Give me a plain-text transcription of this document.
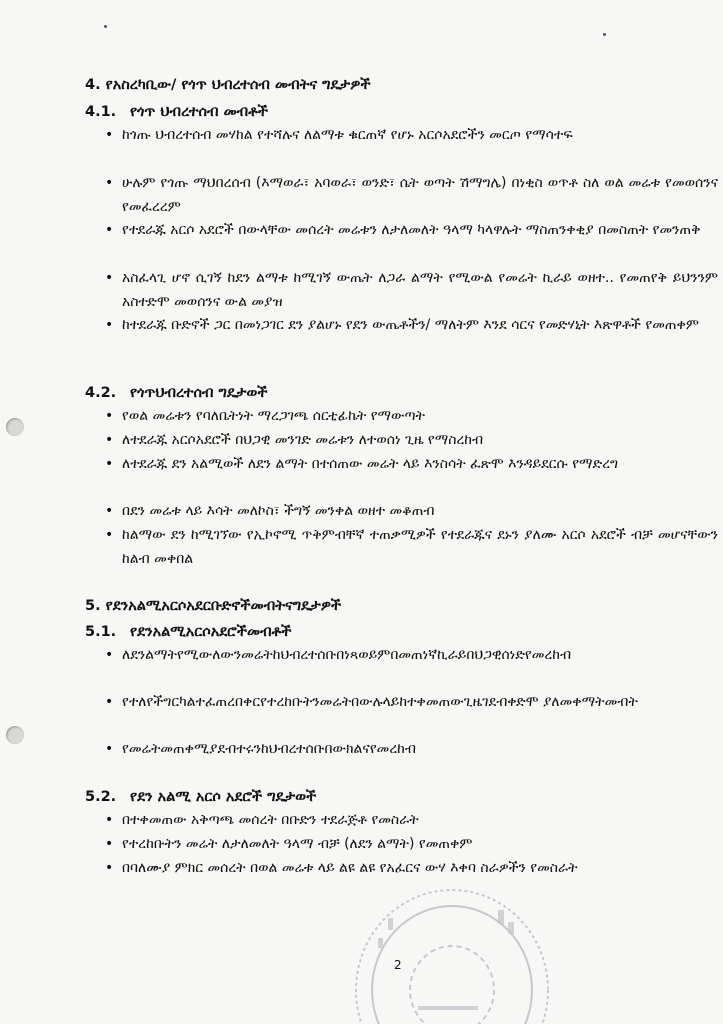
4. የአስረካቢው/ የጎጥ ህብረተሰብ መብትና ግዴታዎች
4.1. የጎጥ ህብረተሰብ መብቶች
• ከጎጡ ህብረተሰብ መሃከል የተሻሉና ለልማቱ ቁርጠኛ የሆኑ አርሶአደሮችን መርጦ የማሳተፍ
• ሁሉም የጎጡ ማህበረሰብ (እማወራ፣ አባወራ፣ ወንድ፣ ሴት ወጣት ሽማግሌ) በነቂስ ወጥቶ ስለ ወል መሬቱ የመወሰንና የመፈረረም
• የተደራጁ አርሶ አደሮች በውላቸው መሰረት መሬቱን ለታለመለት ዓላማ ካላዋሉት ማስጠንቀቂያ በመስጠት የመንጠቅ
• አስፈላጊ ሆኖ ሲገኝ ከደን ልማቱ ከሚገኝ ውጤት ለጋራ ልማት የሚውል የመሬት ኪራይ ወዘተ.. የመጠየቅ ይህንንም አስተድሞ መወሰንና ውል መያዝ
• ከተደራጁ ቡድኖች ጋር በመነጋገር ደን ያልሆኑ የደን ውጤቶችን/ ማለትም እንደ ሳርና የመድሃኒት እጽዋቶች የመጠቀም
4.2. የጎጥህብረተሰብ ግዴታወች
• የወል መሬቱን የባለቤትነት ማረጋገጫ ሰርቲፊኬት የማውጣት
• ለተደራጁ አርሶአደሮች በህጋዊ መንገድ መሬቱን ለተወሰነ ጊዜ የማስረከብ
• ለተደራጁ ደን አልሚወች ለደን ልማት በተሰጠው መሬት ላይ እንስሳት ፈጽሞ እንዳይደርሱ የማድረግ
• በደን መሬቱ ላይ እሳት መለኮስ፣ ችግኝ መንቀል ወዘተ መቆጠብ
• ከልማው ደን ከሚገኘው የኢኮኖሚ ጥቅምብቸኛ ተጠቃሚዎች የተደራጁና ደኑን ያለሙ አርሶ አደሮች ብቻ መሆናቸውን ከልብ መቀበል
5. የደንአልሚአርሶአደርቡድኖችመብትናግዴታዎች
5.1. የደንአልሚአርሶአደሮችመብቶች
• ለደንልማትየሚውለውንመሬትከህብረተሰቡበነጻወይምበመጠነኛኪራይበህጋዊሰነድየመረከብ
• የተለየችግርካልተፈጠረበቀርየተረከቡትንመሬትበውሉላይከተቀመጠውጊዜገደብቀድሞ ያለመቀማትመብት
• የመሬትመጠቀሚያደብተሩንከህብረተሰቡበውክልናየመረከብ
5.2. የደን አልሚ አርሶ አደሮች ግዴታወች
• በተቀመጠው አቅጣጫ መሰረት በቡድን ተደራጅቶ የመስራት
• የተረከቡትን መሬት ለታለመለት ዓላማ ብቻ (ለደን ልማት) የመጠቀም
• በባለሙያ ምክር መሰረት በወል መሬቱ ላይ ልዩ ልዩ የአፈርና ውሃ እቀባ ስራዎችን የመስራት
2
